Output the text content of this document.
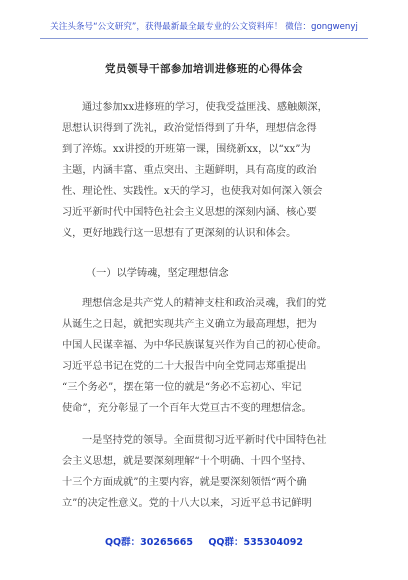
关注头条号“公文研究”，获得最新最全最专业的公文资料库！ 微信：gongwenyj
党员领导干部参加培训进修班的心得体会
通过参加xx进修班的学习，使我受益匪浅、感触颇深，
思想认识得到了洗礼，政治觉悟得到了升华，理想信念得
到了淬炼。xx讲授的开班第一课，围绕新xx，以“xx”为
主题，内涵丰富、重点突出、主题鲜明，具有高度的政治
性、理论性、实践性。x天的学习，也使我对如何深入领会
习近平新时代中国特色社会主义思想的深刻内涵、核心要
义，更好地践行这一思想有了更深刻的认识和体会。
（一）以学铸魂，坚定理想信念
理想信念是共产党人的精神支柱和政治灵魂，我们的党
从诞生之日起，就把实现共产主义确立为最高理想，把为
中国人民谋幸福、为中华民族谋复兴作为自己的初心使命。
习近平总书记在党的二十大报告中向全党同志郑重提出
“三个务必”，摆在第一位的就是“务必不忘初心、牢记
使命”，充分彰显了一个百年大党亘古不变的理想信念。
一是坚持党的领导。全面贯彻习近平新时代中国特色社
会主义思想，就是要深刻理解“十个明确、十四个坚持、
十三个方面成就”的主要内容，就是要深刻领悟“两个确
立”的决定性意义。党的十八大以来，习近平总书记鲜明
QQ群：30265665 QQ群：535304092
